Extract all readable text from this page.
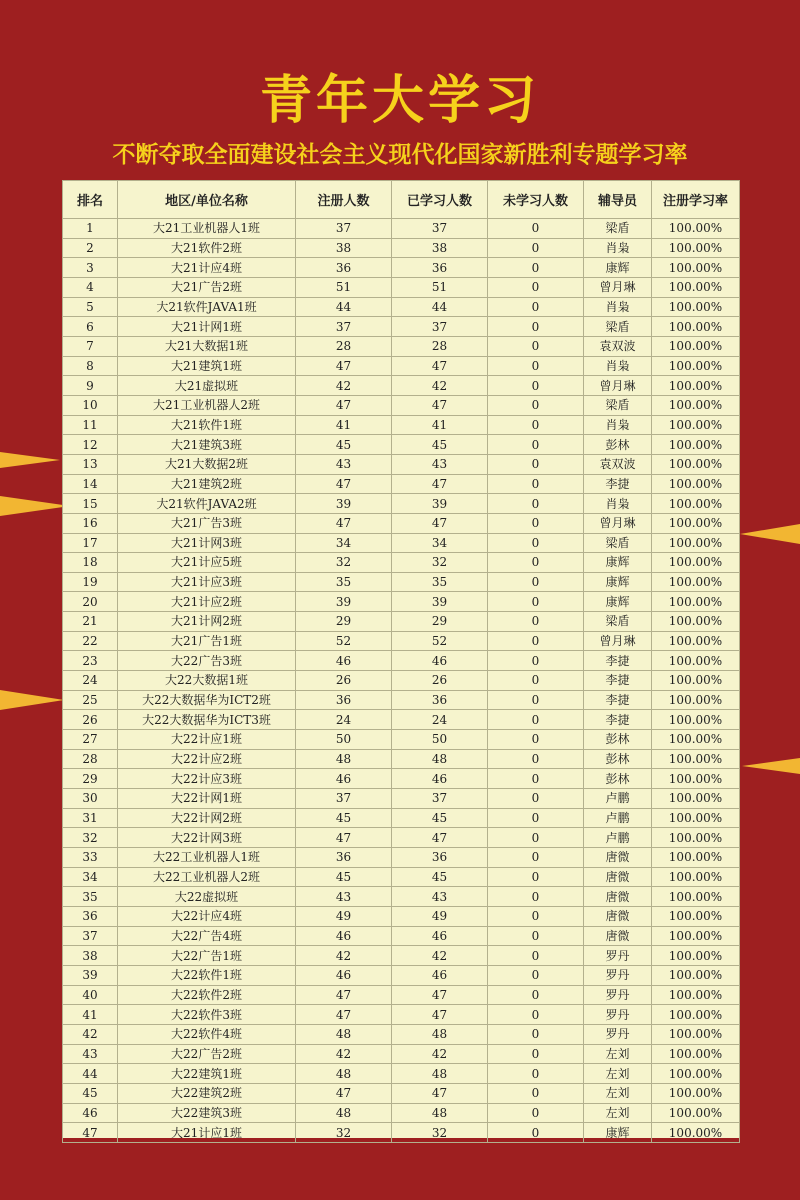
青年大学习
不断夺取全面建设社会主义现代化国家新胜利专题学习率
排名	地区/单位名称	注册人数	已学习人数	未学习人数	辅导员	注册学习率
1	大21工业机器人1班	37	37	0	梁盾	100.00%
2	大21软件2班	38	38	0	肖枭	100.00%
3	大21计应4班	36	36	0	康辉	100.00%
4	大21广告2班	51	51	0	曾月琳	100.00%
5	大21软件JAVA1班	44	44	0	肖枭	100.00%
6	大21计网1班	37	37	0	梁盾	100.00%
7	大21大数据1班	28	28	0	袁双波	100.00%
8	大21建筑1班	47	47	0	肖枭	100.00%
9	大21虚拟班	42	42	0	曾月琳	100.00%
10	大21工业机器人2班	47	47	0	梁盾	100.00%
11	大21软件1班	41	41	0	肖枭	100.00%
12	大21建筑3班	45	45	0	彭林	100.00%
13	大21大数据2班	43	43	0	袁双波	100.00%
14	大21建筑2班	47	47	0	李捷	100.00%
15	大21软件JAVA2班	39	39	0	肖枭	100.00%
16	大21广告3班	47	47	0	曾月琳	100.00%
17	大21计网3班	34	34	0	梁盾	100.00%
18	大21计应5班	32	32	0	康辉	100.00%
19	大21计应3班	35	35	0	康辉	100.00%
20	大21计应2班	39	39	0	康辉	100.00%
21	大21计网2班	29	29	0	梁盾	100.00%
22	大21广告1班	52	52	0	曾月琳	100.00%
23	大22广告3班	46	46	0	李捷	100.00%
24	大22大数据1班	26	26	0	李捷	100.00%
25	大22大数据华为ICT2班	36	36	0	李捷	100.00%
26	大22大数据华为ICT3班	24	24	0	李捷	100.00%
27	大22计应1班	50	50	0	彭林	100.00%
28	大22计应2班	48	48	0	彭林	100.00%
29	大22计应3班	46	46	0	彭林	100.00%
30	大22计网1班	37	37	0	卢鹏	100.00%
31	大22计网2班	45	45	0	卢鹏	100.00%
32	大22计网3班	47	47	0	卢鹏	100.00%
33	大22工业机器人1班	36	36	0	唐微	100.00%
34	大22工业机器人2班	45	45	0	唐微	100.00%
35	大22虚拟班	43	43	0	唐微	100.00%
36	大22计应4班	49	49	0	唐微	100.00%
37	大22广告4班	46	46	0	唐微	100.00%
38	大22广告1班	42	42	0	罗丹	100.00%
39	大22软件1班	46	46	0	罗丹	100.00%
40	大22软件2班	47	47	0	罗丹	100.00%
41	大22软件3班	47	47	0	罗丹	100.00%
42	大22软件4班	48	48	0	罗丹	100.00%
43	大22广告2班	42	42	0	左刘	100.00%
44	大22建筑1班	48	48	0	左刘	100.00%
45	大22建筑2班	47	47	0	左刘	100.00%
46	大22建筑3班	48	48	0	左刘	100.00%
47	大21计应1班	32	32	0	康辉	100.00%
